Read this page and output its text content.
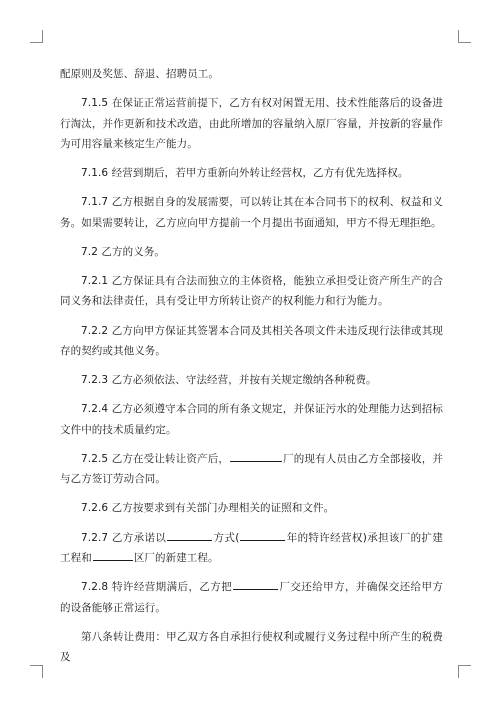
配原则及奖惩、辞退、招聘员工。

7.1.5 在保证正常运营前提下，乙方有权对闲置无用、技术性能落后的设备进行淘汰，并作更新和技术改造，由此所增加的容量纳入原厂容量，并按新的容量作为可用容量来核定生产能力。

7.1.6 经营到期后，若甲方重新向外转让经营权，乙方有优先选择权。

7.1.7 乙方根据自身的发展需要，可以转让其在本合同书下的权利、权益和义务。如果需要转让，乙方应向甲方提前一个月提出书面通知，甲方不得无理拒绝。

7.2 乙方的义务。

7.2.1 乙方保证具有合法而独立的主体资格，能独立承担受让资产所生产的合同义务和法律责任，具有受让甲方所转让资产的权利能力和行为能力。

7.2.2 乙方向甲方保证其签署本合同及其相关各项文件未违反现行法律或其现存的契约或其他义务。

7.2.3 乙方必须依法、守法经营，并按有关规定缴纳各种税费。

7.2.4 乙方必须遵守本合同的所有条文规定，并保证污水的处理能力达到招标文件中的技术质量约定。

7.2.5 乙方在受让转让资产后，	厂的现有人员由乙方全部接收，并与乙方签订劳动合同。

7.2.6 乙方按要求到有关部门办理相关的证照和文件。

7.2.7 乙方承诺以	方式(	年的特许经营权)承担该厂的扩建工程和	区厂的新建工程。

7.2.8 特许经营期满后，乙方把	厂交还给甲方，并确保交还给甲方的设备能够正常运行。

第八条转让费用：甲乙双方各自承担行使权利或履行义务过程中所产生的税费及
